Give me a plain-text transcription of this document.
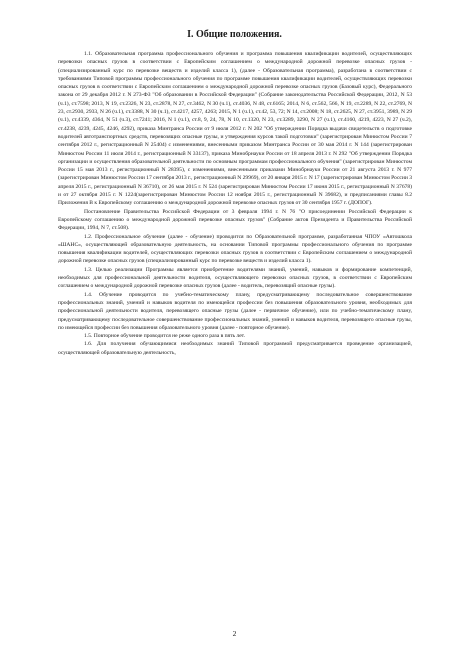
I. Общие положения.

1.1. Образовательная программа профессионального обучения и программа повышения квалификации водителей, осуществляющих перевозки опасных грузов в соответствии с Европейским соглашением о международной дорожной перевозке опасных грузов - (специализированный курс по перевозке веществ и изделий класса 1), (далее - Образовательная программа), разработана в соответствии с требованиями Типовой программы профессионального обучения по программе повышения квалификации водителей, осуществляющих перевозки опасных грузов в соответствии с Европейским соглашением о международной дорожной перевозке опасных грузов (Базовый курс), Федерального закона от 29 декабря 2012 г. N 273-ФЗ "Об образовании в Российской Федерации" (Собрание законодательства Российской Федерации, 2012, N 53 (ч.1), ст.7598; 2013, N 19, ст.2326, N 23, ст.2878, N 27, ст.3462, N 30 (ч.1), ст.4036, N 48, ст.6165; 2014, N 6, ст.562, 566, N 19, ст.2289, N 22, ст.2769, N 23, ст.2930, 2933, N 26 (ч.1), ст.3388, N 30 (ч.1), ст.4217, 4257, 4263; 2015, N 1 (ч.1), ст.42, 53, 72; N 14, ст.2008; N 18, ст.2625, N 27, ст.3951, 3989, N 29 (ч.1), ст.4339, 4364, N 51 (ч.3), ст.7241; 2016, N 1 (ч.1), ст.8, 9, 24, 78, N 10, ст.1320, N 23, ст.3289, 3290, N 27 (ч.1), ст.4160, 4219, 4223, N 27 (ч.2), ст.4238, 4239, 4245, 4246, 4292), приказа Минтранса России от 9 июля 2012 г. N 202 "Об утверждении Порядка выдачи свидетельств о подготовке водителей автотранспортных средств, перевозящих опасные грузы, и утверждения курсов такой подготовки" (зарегистрирован Минюстом России 7 сентября 2012 г., регистрационный N 25404) с изменениями, внесенными приказом Минтранса России от 30 мая 2014 г. N 144 (зарегистрирован Минюстом России 11 июля 2014 г., регистрационный N 33137), приказа Минобрнауки России от 18 апреля 2013 г. N 292 "Об утверждении Порядка организации и осуществления образовательной деятельности по основным программам профессионального обучения" (зарегистрирован Минюстом России 15 мая 2013 г., регистрационный N 28395), с изменениями, внесенными приказами Минобрнауки России от 21 августа 2013 г. N 977 (зарегистрирован Минюстом России 17 сентября 2013 г., регистрационный N 29969), от 20 января 2015 г. N 17 (зарегистрирован Минюстом России 3 апреля 2015 г., регистрационный N 36710), от 26 мая 2015 г. N 524 (зарегистрирован Минюстом России 17 июня 2015 г., регистрационный N 37678) и от 27 октября 2015 г. N 1224(зарегистрирован Минюстом России 12 ноября 2015 г., регистрационный N 39682), и предписаниями главы 8.2 Приложения В к Европейскому соглашению о международной дорожной перевозке опасных грузов от 30 сентября 1957 г. (ДОПОГ).

Постановление Правительства Российской Федерации от 3 февраля 1994 г. N 76 "О присоединении Российской Федерации к Европейскому соглашению о международной дорожной перевозке опасных грузов" (Собрание актов Президента и Правительства Российской Федерации, 1994, N 7, ст.508).

1.2. Профессиональное обучение (далее - обучение) проводится по Образовательной программе, разработанная ЧПОУ «Автошкола «ШАНС», осуществляющей образовательную деятельность, на основании Типовой программы профессионального обучения по программе повышения квалификации водителей, осуществляющих перевозки опасных грузов в соответствии с Европейским соглашением о международной дорожной перевозке опасных грузов (специализированный курс по перевозке веществ и изделий класса 1).

1.3. Целью реализации Программы является приобретение водителями знаний, умений, навыков и формирование компетенций, необходимых для профессиональной деятельности водителя, осуществляющего перевозки опасных грузов, в соответствии с Европейским соглашением о международной дорожной перевозке опасных грузов (далее - водитель, перевозящий опасные грузы).

1.4. Обучение проводится по учебно-тематическому плану, предусматривающему последовательное совершенствование профессиональных знаний, умений и навыков водителя по имеющейся профессии без повышения образовательного уровня, необходимых для профессиональной деятельности водителя, перевозящего опасные грузы (далее - первичное обучение), или по учебно-тематическому плану, предусматривающему последовательное совершенствование профессиональных знаний, умений и навыков водителя, перевозящего опасные грузы, по имеющейся профессии без повышения образовательного уровня (далее - повторное обучение).

1.5. Повторное обучение проводится не реже одного раза в пять лет.

1.6. Для получения обучающимися необходимых знаний Типовой программой предусматривается проведение организацией, осуществляющей образовательную деятельность,

2
